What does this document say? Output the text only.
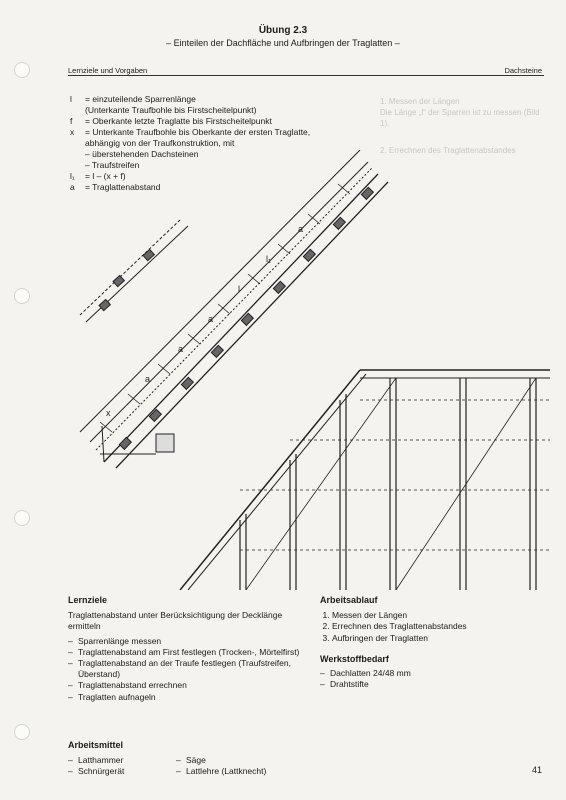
Übung 2.3
– Einteilen der Dachfläche und Aufbringen der Traglatten –
Lernziele und Vorgaben	Dachsteine
1. Messen der Längen
Die Länge „l“ der Sparren ist zu messen (Bild 1).
2. Errechnen des Traglattenabstandes
l = einzuteilende Sparrenlänge
(Unterkante Traufbohle bis Firstscheitelpunkt)
f = Oberkante letzte Traglatte bis Firstscheitelpunkt
x = Unterkante Traufbohle bis Oberkante der ersten Traglatte,
abhängig von der Traufkonstruktion, mit
– überstehenden Dachsteinen
– Traufstreifen
l₁ = l – (x + f)
a = Traglattenabstand
x
a
a
a
l
l₁
a
Lernziele
Traglattenabstand unter Berücksichtigung der Decklänge ermitteln
– Sparrenlänge messen
– Traglattenabstand am First festlegen (Trocken-, Mörtelfirst)
– Traglattenabstand an der Traufe festlegen (Traufstreifen, Überstand)
– Traglattenabstand errechnen
– Traglatten aufnageln
Arbeitsablauf
1. Messen der Längen
2. Errechnen des Traglattenabstandes
3. Aufbringen der Traglatten
Werkstoffbedarf
– Dachlatten 24/48 mm
– Drahtstifte
Arbeitsmittel
– Latthammer
– Schnürgerät
– Säge
– Lattlehre (Lattknecht)	41
